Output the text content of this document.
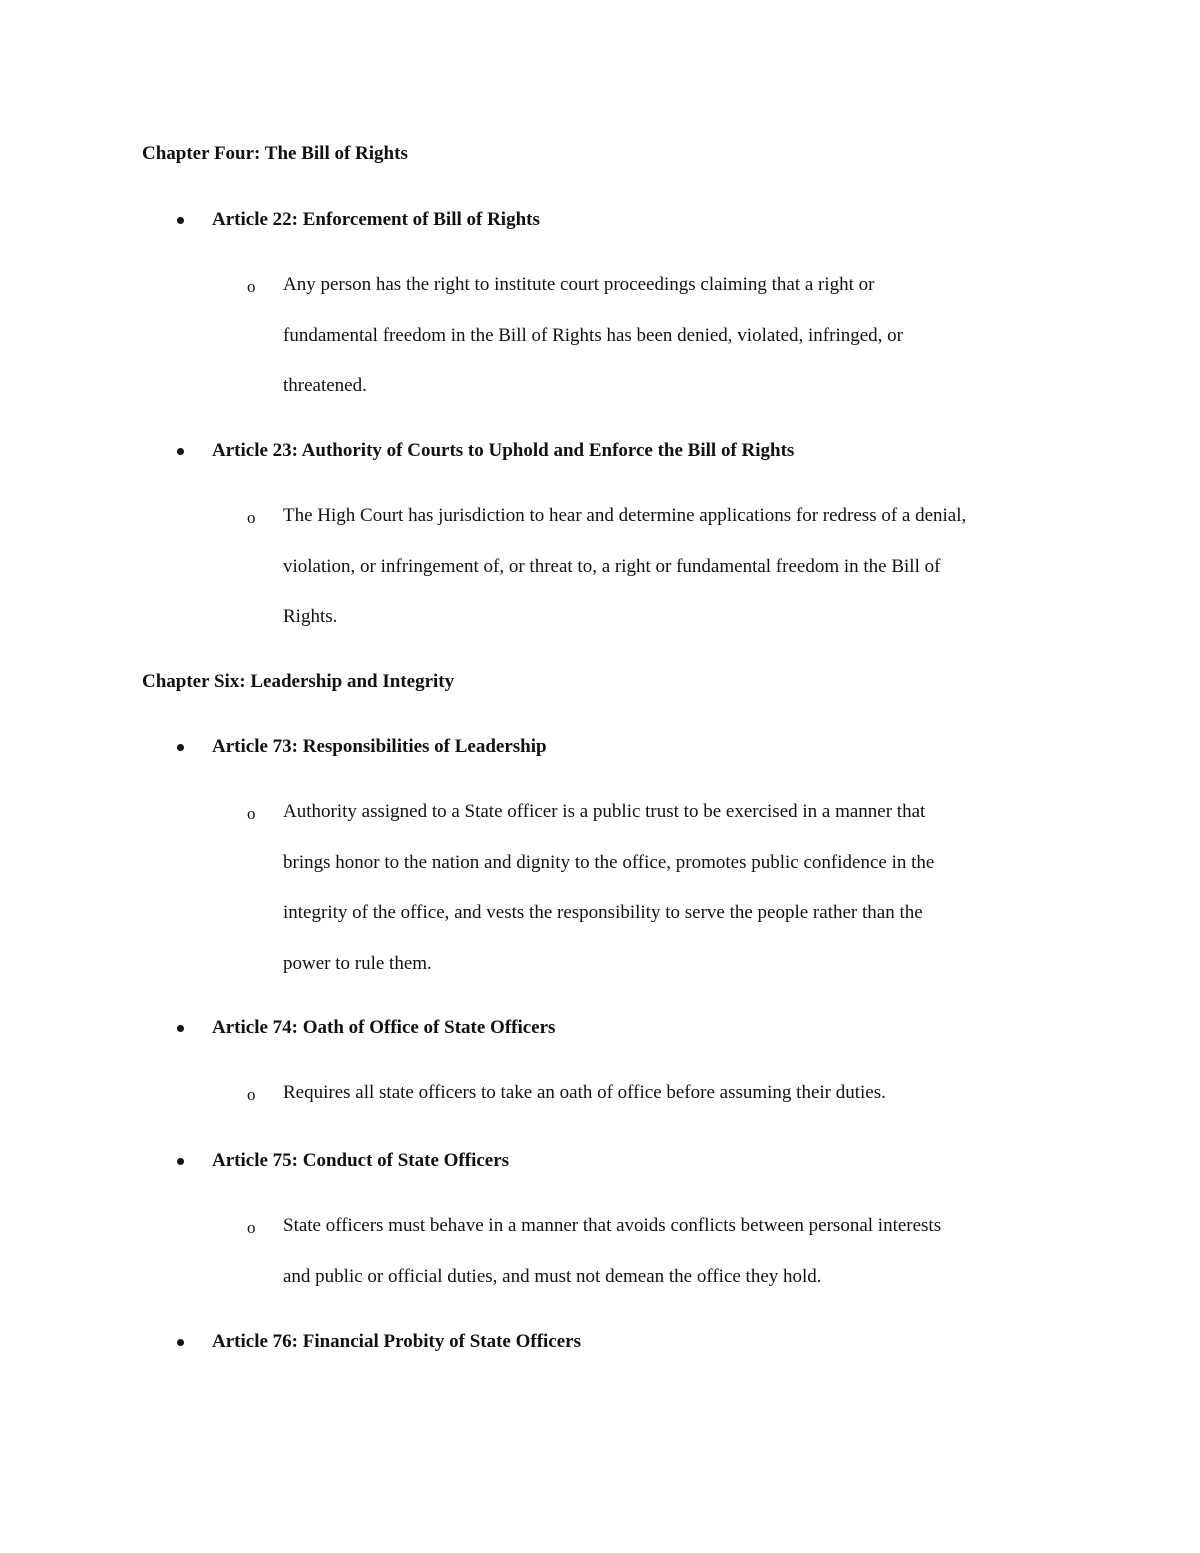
Chapter Four: The Bill of Rights
Article 22: Enforcement of Bill of Rights
o Any person has the right to institute court proceedings claiming that a right or
fundamental freedom in the Bill of Rights has been denied, violated, infringed, or
threatened.
Article 23: Authority of Courts to Uphold and Enforce the Bill of Rights
o The High Court has jurisdiction to hear and determine applications for redress of a denial,
violation, or infringement of, or threat to, a right or fundamental freedom in the Bill of
Rights.
Chapter Six: Leadership and Integrity
Article 73: Responsibilities of Leadership
o Authority assigned to a State officer is a public trust to be exercised in a manner that
brings honor to the nation and dignity to the office, promotes public confidence in the
integrity of the office, and vests the responsibility to serve the people rather than the
power to rule them.
Article 74: Oath of Office of State Officers
o Requires all state officers to take an oath of office before assuming their duties.
Article 75: Conduct of State Officers
o State officers must behave in a manner that avoids conflicts between personal interests
and public or official duties, and must not demean the office they hold.
Article 76: Financial Probity of State Officers
